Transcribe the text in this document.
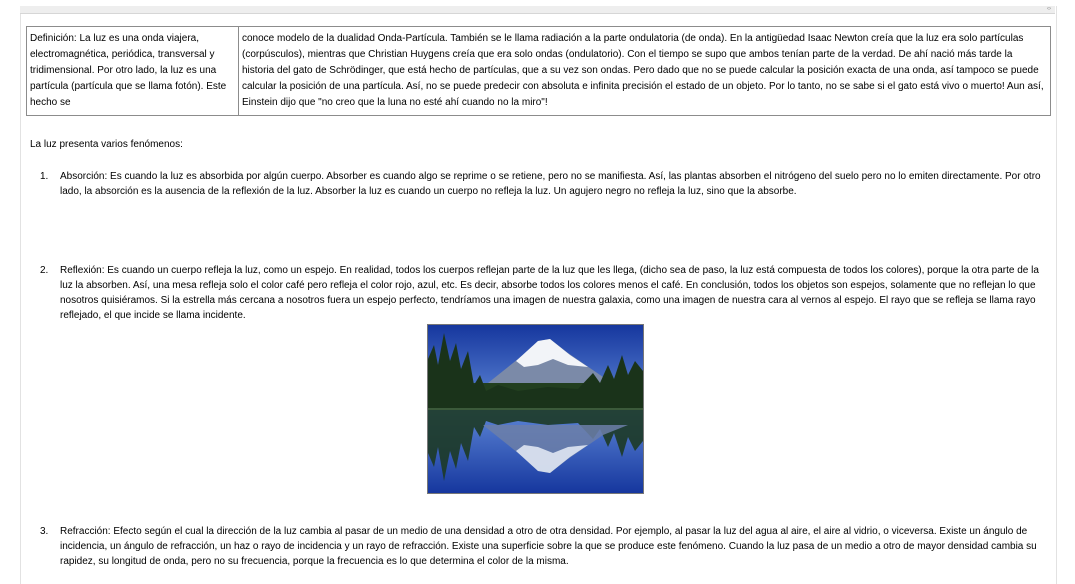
‹›
Definición: La luz es una onda viajera, electromagnética, periódica, transversal y tridimensional. Por otro lado, la luz es una partícula (partícula que se llama fotón). Este hecho se	conoce modelo de la dualidad Onda-Partícula. También se le llama radiación a la parte ondulatoria (de onda). En la antigüedad Isaac Newton creía que la luz era solo partículas (corpúsculos), mientras que Christian Huygens creía que era solo ondas (ondulatorio). Con el tiempo se supo que ambos tenían parte de la verdad. De ahí nació más tarde la historia del gato de Schrödinger, que está hecho de partículas, que a su vez son ondas. Pero dado que no se puede calcular la posición exacta de una onda, así tampoco se puede calcular la posición de una partícula. Así, no se puede predecir con absoluta e infinita precisión el estado de un objeto. Por lo tanto, no se sabe si el gato está vivo o muerto! Aun así, Einstein dijo que "no creo que la luna no esté ahí cuando no la miro"!
La luz presenta varios fenómenos:
1. Absorción: Es cuando la luz es absorbida por algún cuerpo. Absorber es cuando algo se reprime o se retiene, pero no se manifiesta. Así, las plantas absorben el nitrógeno del suelo pero no lo emiten directamente. Por otro lado, la absorción es la ausencia de la reflexión de la luz. Absorber la luz es cuando un cuerpo no refleja la luz. Un agujero negro no refleja la luz, sino que la absorbe.
2. Reflexión: Es cuando un cuerpo refleja la luz, como un espejo. En realidad, todos los cuerpos reflejan parte de la luz que les llega, (dicho sea de paso, la luz está compuesta de todos los colores), porque la otra parte de la luz la absorben. Así, una mesa refleja solo el color café pero refleja el color rojo, azul, etc. Es decir, absorbe todos los colores menos el café. En conclusión, todos los objetos son espejos, solamente que no reflejan lo que nosotros quisiéramos. Si la estrella más cercana a nosotros fuera un espejo perfecto, tendríamos una imagen de nuestra galaxia, como una imagen de nuestra cara al vernos al espejo. El rayo que se refleja se llama rayo reflejado, el que incide se llama incidente.
3. Refracción: Efecto según el cual la dirección de la luz cambia al pasar de un medio de una densidad a otro de otra densidad. Por ejemplo, al pasar la luz del agua al aire, el aire al vidrio, o viceversa. Existe un ángulo de incidencia, un ángulo de refracción, un haz o rayo de incidencia y un rayo de refracción. Existe una superficie sobre la que se produce este fenómeno. Cuando la luz pasa de un medio a otro de mayor densidad cambia su rapidez, su longitud de onda, pero no su frecuencia, porque la frecuencia es lo que determina el color de la misma.
